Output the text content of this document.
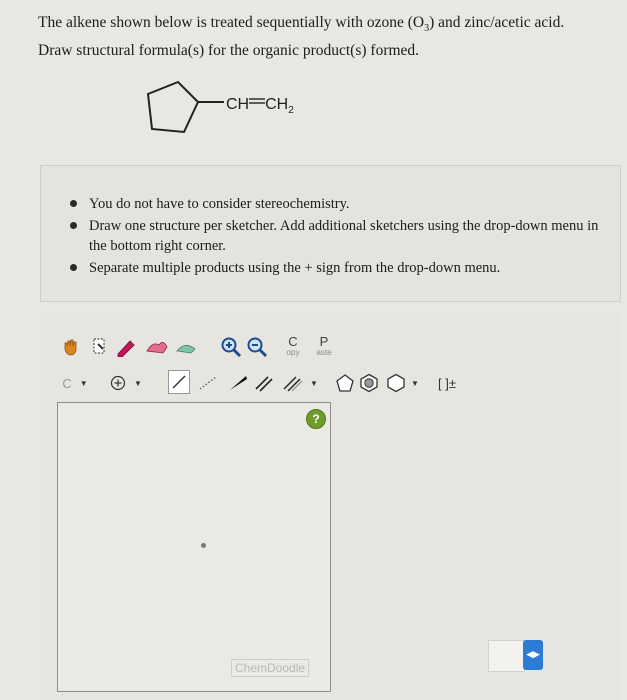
The alkene shown below is treated sequentially with ozone $(O_3)$ and zinc/acetic acid.
Draw structural formula(s) for the organic product(s) formed.
CH $CH_2$
You do not have to consider stereochemistry.
Draw one structure per sketcher. Add additional sketchers using the drop-down menu in the bottom right corner.
Separate multiple products using the + sign from the drop-down menu.
C
opy
P
aste
C ▼	▼	▼	▼ [ ]±
?
ChemDoodle
◀▶
